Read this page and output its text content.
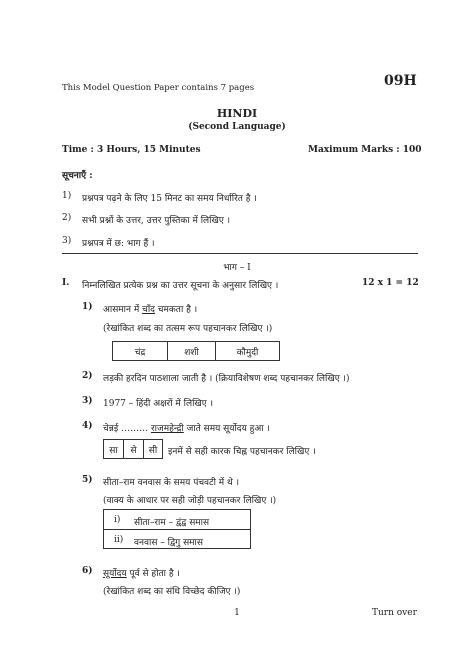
This Model Question Paper contains 7 pages	09H
HINDI
(Second Language)
Time : 3 Hours, 15 Minutes	Maximum Marks : 100
सूचनाएँ :
1) प्रश्नपत्र पढ़ने के लिए 15 मिनट का समय निर्धारित है ।
2) सभी प्रश्नों के उत्तर, उत्तर पुस्तिका में लिखिए ।
3) प्रश्नपत्र में छ: भाग हैं ।
भाग – I
I. निम्नलिखित प्रत्येक प्रश्न का उत्तर सूचना के अनुसार लिखिए ।	12 x 1 = 12
1) आसमान में चाँद चमकता है ।
(रेखांकित शब्द का तत्सम रूप पहचानकर लिखिए ।)
चंद्र	शशी	कौमुदी
2) लड़की हरदिन पाठशाला जाती है । (क्रियाविशेषण शब्द पहचानकर लिखिए ।)
3) 1977 – हिंदी अक्षरों में लिखिए ।
4) चेन्नई ……… राजमहेन्द्री जाते समय सूर्योदय हुआ ।
सा	से	सी	इनमें से सही कारक चिह्न पहचानकर लिखिए ।
5) सीता–राम वनवास के समय पंचवटी में थे ।
(वाक्य के आधार पर सही जोड़ी पहचानकर लिखिए ।)
i) सीता–राम – द्वंद्व समास
ii) वनवास – द्विगु समास
6) सूर्योदय पूर्व से होता है ।
(रेखांकित शब्द का संधि विच्छेद कीजिए ।)
1	Turn over
